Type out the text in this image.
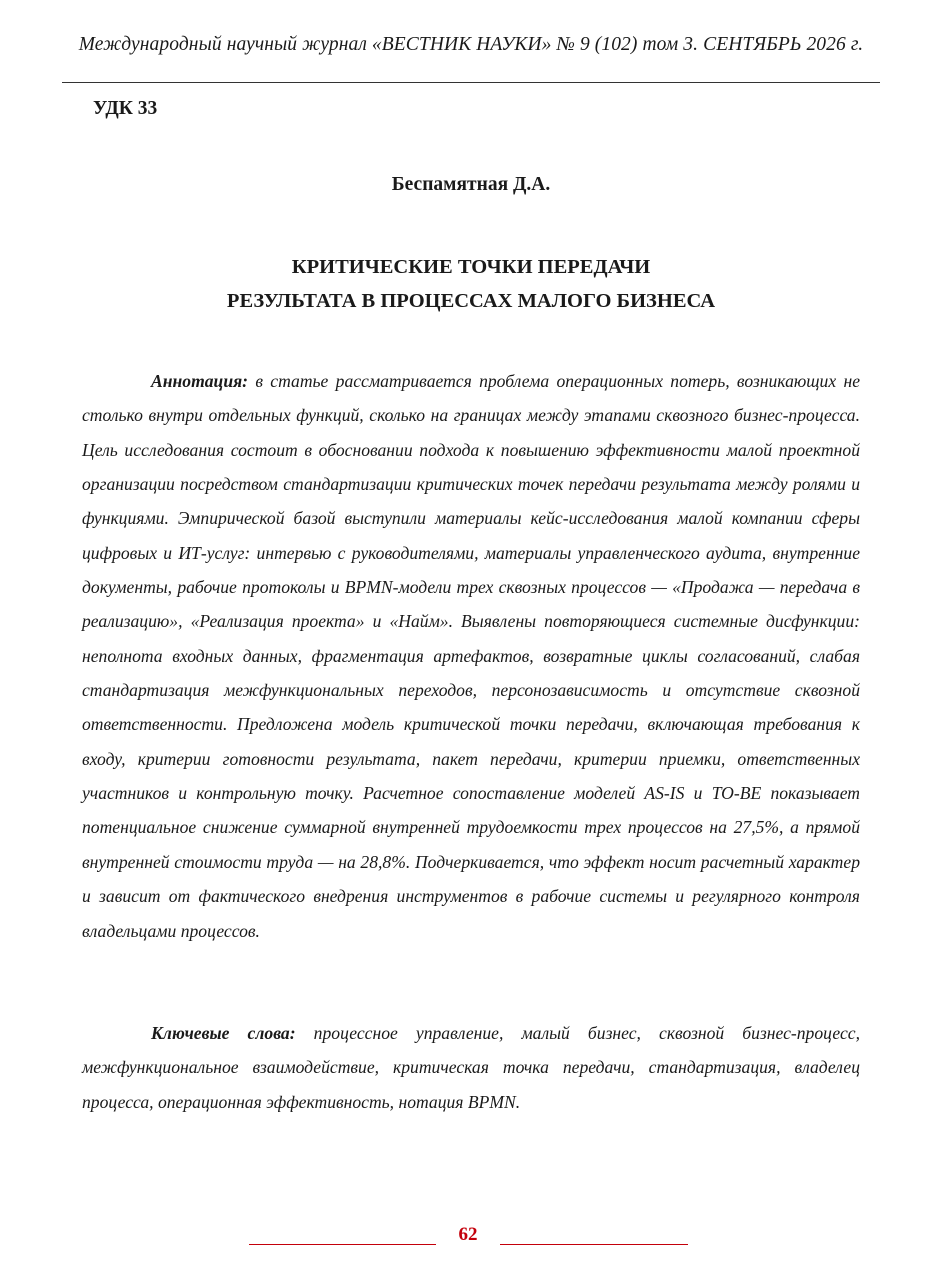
Международный научный журнал «ВЕСТНИК НАУКИ» № 9 (102) том 3. СЕНТЯБРЬ 2026 г.
УДК 33
Беспамятная Д.А.
КРИТИЧЕСКИЕ ТОЧКИ ПЕРЕДАЧИ
РЕЗУЛЬТАТА В ПРОЦЕССАХ МАЛОГО БИЗНЕСА

Аннотация: в статье рассматривается проблема операционных потерь, возникающих не столько внутри отдельных функций, сколько на границах между этапами сквозного бизнес-процесса. Цель исследования состоит в обосновании подхода к повышению эффективности малой проектной организации посредством стандартизации критических точек передачи результата между ролями и функциями. Эмпирической базой выступили материалы кейс-исследования малой компании сферы цифровых и ИТ-услуг: интервью с руководителями, материалы управленческого аудита, внутренние документы, рабочие протоколы и BPMN-модели трех сквозных процессов — «Продажа — передача в реализацию», «Реализация проекта» и «Найм». Выявлены повторяющиеся системные дисфункции: неполнота входных данных, фрагментация артефактов, возвратные циклы согласований, слабая стандартизация межфункциональных переходов, персонозависимость и отсутствие сквозной ответственности. Предложена модель критической точки передачи, включающая требования к входу, критерии готовности результата, пакет передачи, критерии приемки, ответственных участников и контрольную точку. Расчетное сопоставление моделей AS-IS и TO-BE показывает потенциальное снижение суммарной внутренней трудоемкости трех процессов на 27,5%, а прямой внутренней стоимости труда — на 28,8%. Подчеркивается, что эффект носит расчетный характер и зависит от фактического внедрения инструментов в рабочие системы и регулярного контроля владельцами процессов.

Ключевые слова: процессное управление, малый бизнес, сквозной бизнес-процесс, межфункциональное взаимодействие, критическая точка передачи, стандартизация, владелец процесса, операционная эффективность, нотация BPMN.

62
